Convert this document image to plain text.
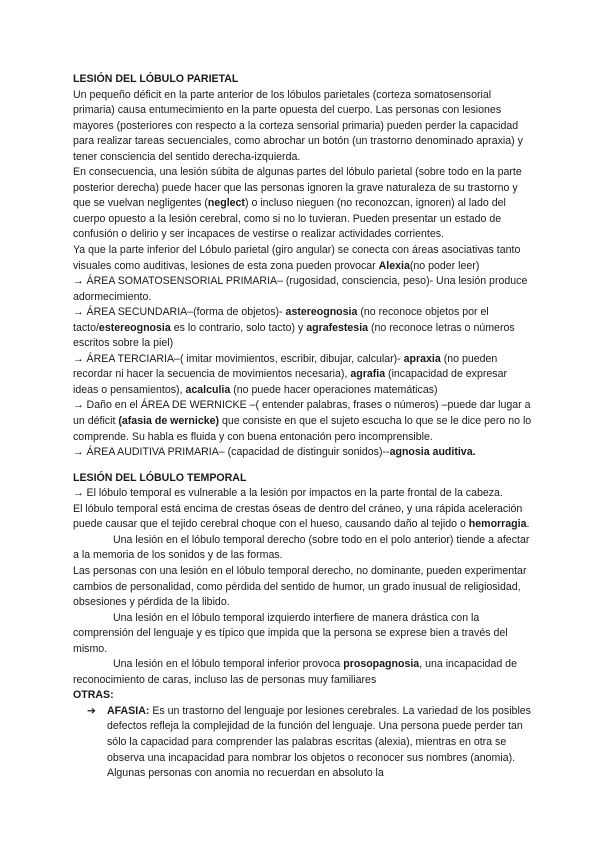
LESIÓN DEL LÓBULO PARIETAL

Un pequeño déficit en la parte anterior de los lóbulos parietales (corteza somatosensorial primaria) causa entumecimiento en la parte opuesta del cuerpo. Las personas con lesiones mayores (posteriores con respecto a la corteza sensorial primaria) pueden perder la capacidad para realizar tareas secuenciales, como abrochar un botón (un trastorno denominado apraxia) y tener consciencia del sentido derecha-izquierda.

En consecuencia, una lesión súbita de algunas partes del lóbulo parietal (sobre todo en la parte posterior derecha) puede hacer que las personas ignoren la grave naturaleza de su trastorno y que se vuelvan negligentes (neglect) o incluso nieguen (no reconozcan, ignoren) al lado del cuerpo opuesto a la lesión cerebral, como si no lo tuvieran. Pueden presentar un estado de confusión o delirio y ser incapaces de vestirse o realizar actividades corrientes.

Ya que la parte inferior del Lóbulo parietal (giro angular) se conecta con áreas asociativas tanto visuales como auditivas, lesiones de esta zona pueden provocar Alexia(no poder leer)

→ ÁREA SOMATOSENSORIAL PRIMARIA– (rugosidad, consciencia, peso)- Una lesión produce adormecimiento.

→ ÁREA SECUNDARIA–(forma de objetos)- astereognosia (no reconoce objetos por el tacto/estereognosia es lo contrario, solo tacto) y agrafestesia (no reconoce letras o números escritos sobre la piel)

→ ÁREA TERCIARIA–( imitar movimientos, escribir, dibujar, calcular)- apraxia (no pueden recordar ni hacer la secuencia de movimientos necesaria), agrafia (incapacidad de expresar ideas o pensamientos), acalculia (no puede hacer operaciones matemáticas)

→ Daño en el ÁREA DE WERNICKE –( entender palabras, frases o números) –puede dar lugar a un déficit (afasia de wernicke) que consiste en que el sujeto escucha lo que se le dice pero no lo comprende. Su habla es fluida y con buena entonación pero incomprensible.

→ ÁREA AUDITIVA PRIMARIA– (capacidad de distinguir sonidos)--agnosia auditiva.

LESIÓN DEL LÓBULO TEMPORAL

→ El lóbulo temporal es vulnerable a la lesión por impactos en la parte frontal de la cabeza.

El lóbulo temporal está encima de crestas óseas de dentro del cráneo, y una rápida aceleración puede causar que el tejido cerebral choque con el hueso, causando daño al tejido o hemorragia.

Una lesión en el lóbulo temporal derecho (sobre todo en el polo anterior) tiende a afectar a la memoria de los sonidos y de las formas.

Las personas con una lesión en el lóbulo temporal derecho, no dominante, pueden experimentar cambios de personalidad, como pérdida del sentido de humor, un grado inusual de religiosidad, obsesiones y pérdida de la libido.

Una lesión en el lóbulo temporal izquierdo interfiere de manera drástica con la comprensión del lenguaje y es típico que impida que la persona se exprese bien a través del mismo.

Una lesión en el lóbulo temporal inferior provoca prosopagnosia, una incapacidad de reconocimiento de caras, incluso las de personas muy familiares

OTRAS:

➔ AFASIA: Es un trastorno del lenguaje por lesiones cerebrales. La variedad de los posibles defectos refleja la complejidad de la función del lenguaje. Una persona puede perder tan sólo la capacidad para comprender las palabras escritas (alexia), mientras en otra se observa una incapacidad para nombrar los objetos o reconocer sus nombres (anomia). Algunas personas con anomia no recuerdan en absoluto la
